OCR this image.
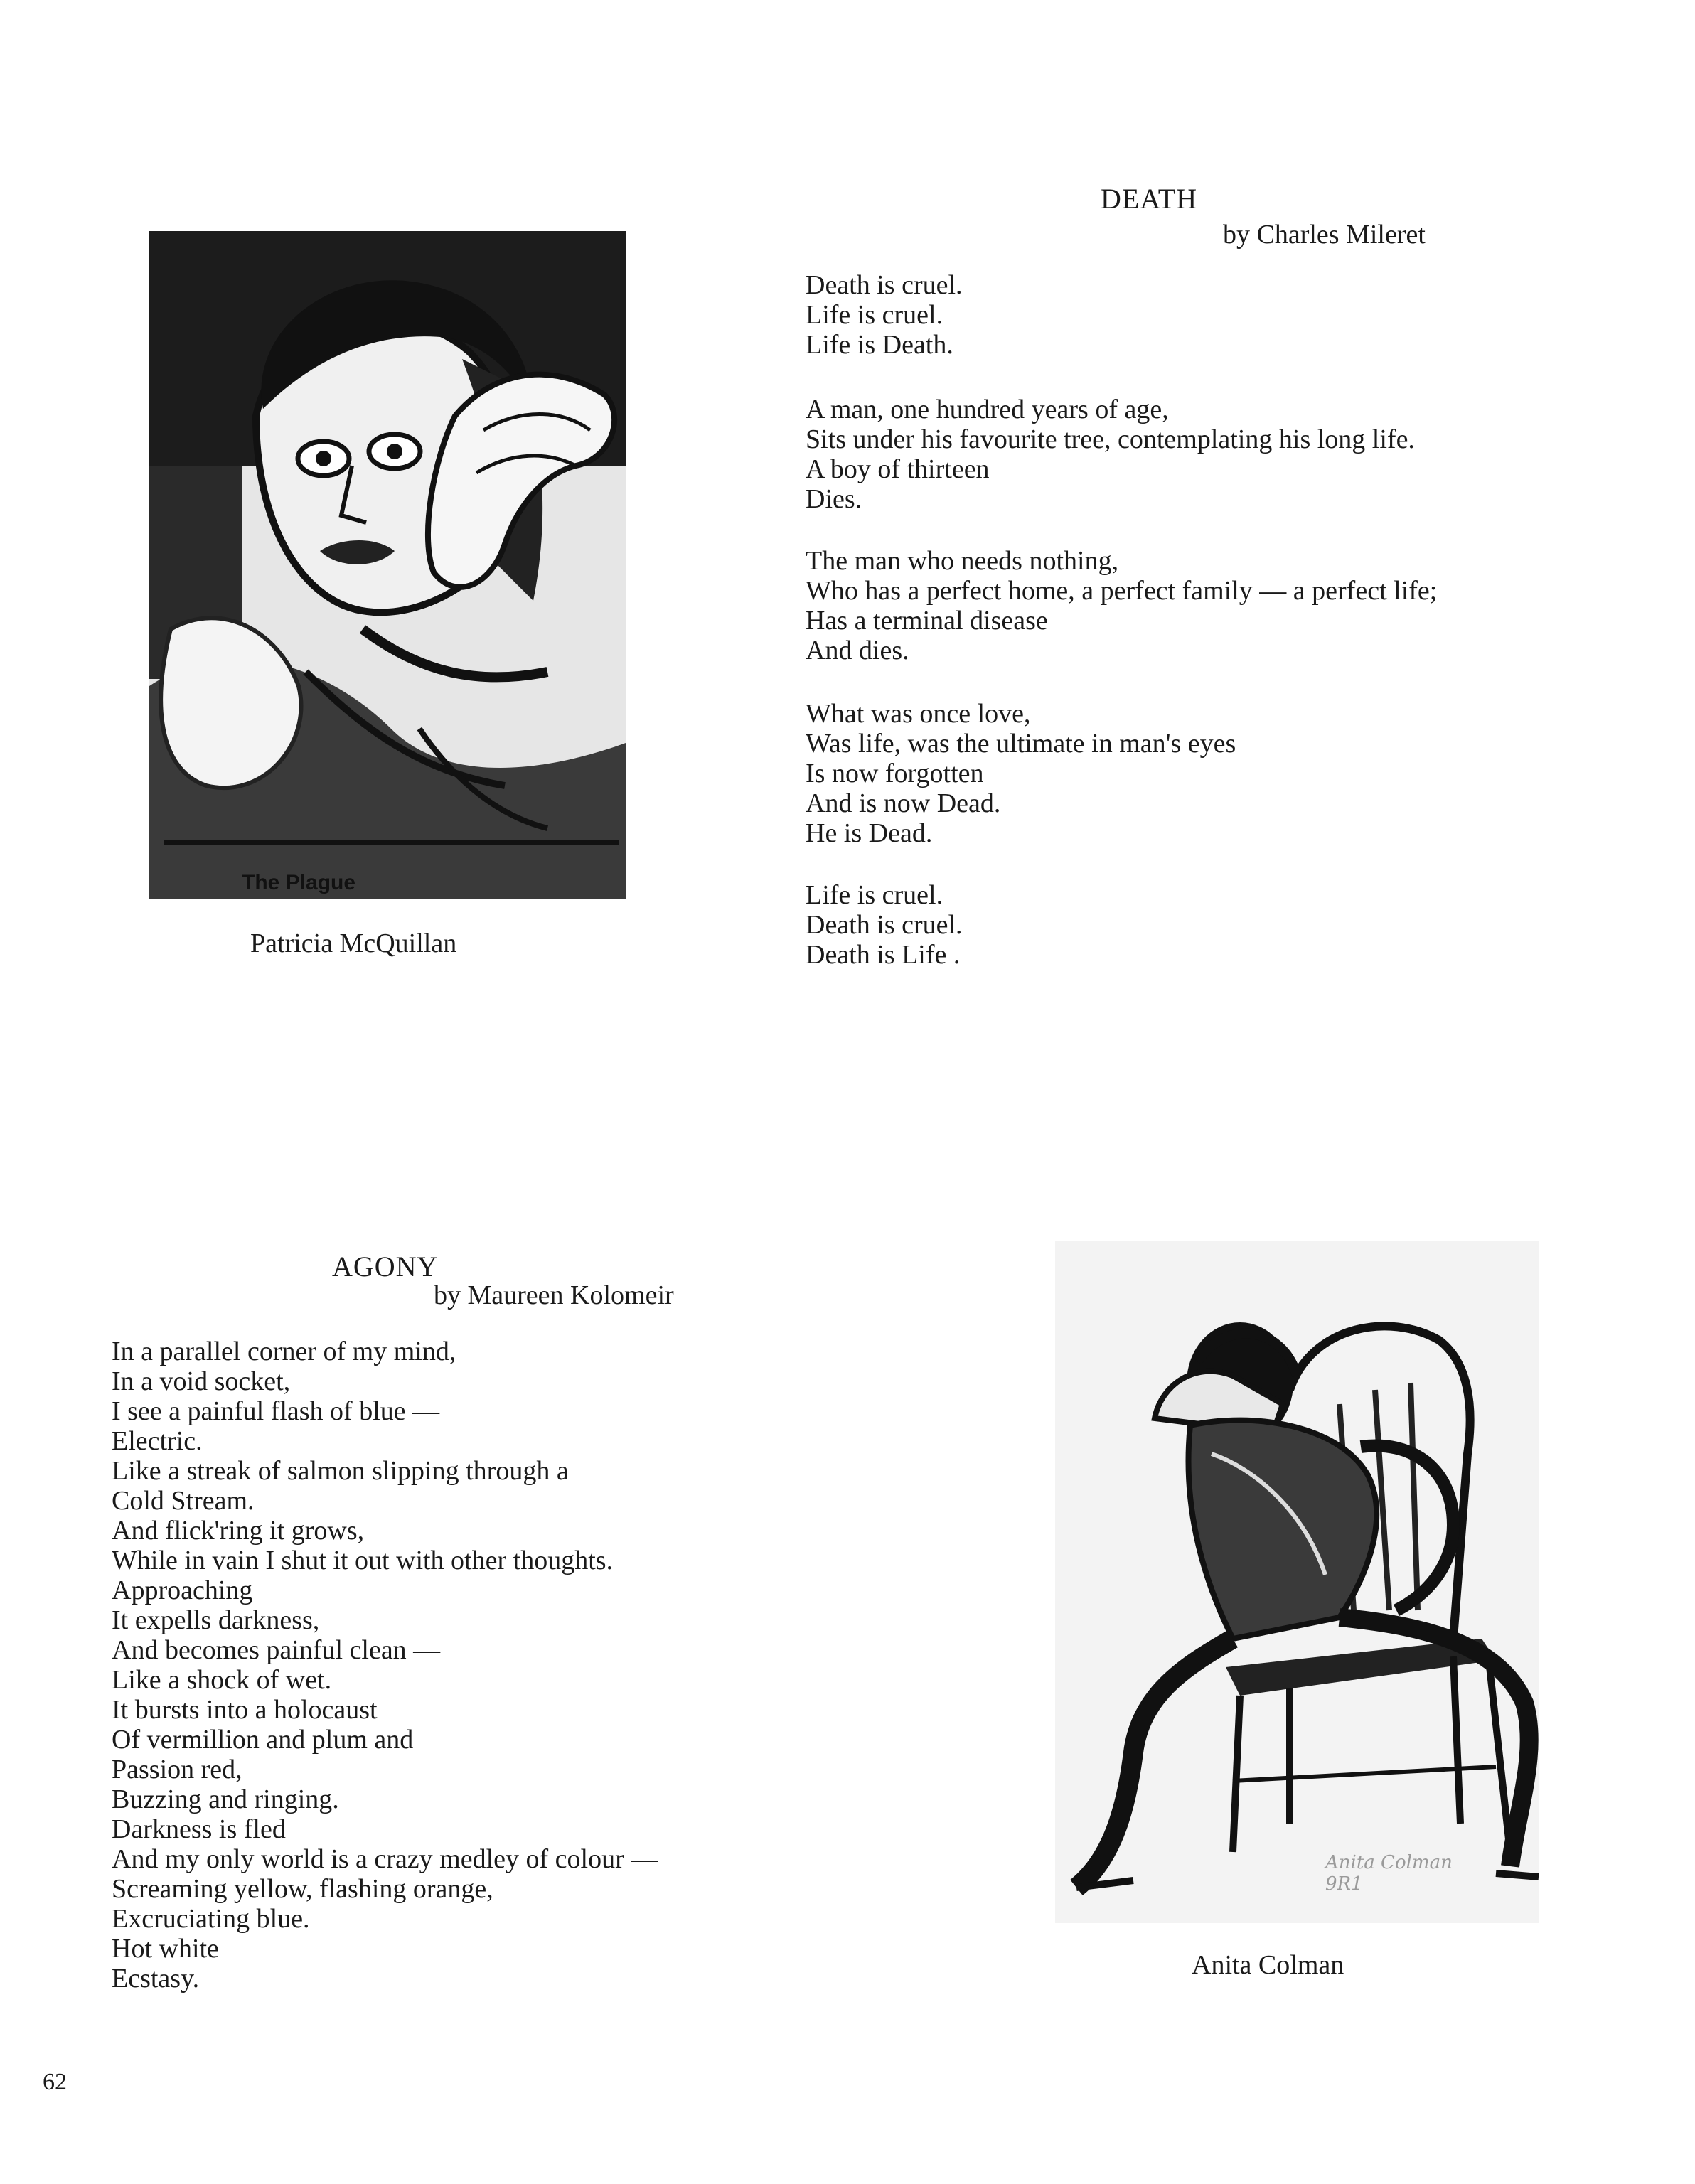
The Plague
Patricia McQuillan
DEATH
by Charles Mileret
Death is cruel.
Life is cruel.
Life is Death.
A man, one hundred years of age,
Sits under his favourite tree, contemplating his long life.
A boy of thirteen
Dies.
The man who needs nothing,
Who has a perfect home, a perfect family — a perfect life;
Has a terminal disease
And dies.
What was once love,
Was life, was the ultimate in man's eyes
Is now forgotten
And is now Dead.
He is Dead.
Life is cruel.
Death is cruel.
Death is Life .
AGONY
by Maureen Kolomeir
In a parallel corner of my mind,
In a void socket,
I see a painful flash of blue —
Electric.
Like a streak of salmon slipping through a
Cold Stream.
And flick'ring it grows,
While in vain I shut it out with other thoughts.
Approaching
It expells darkness,
And becomes painful clean —
Like a shock of wet.
It bursts into a holocaust
Of vermillion and plum and
Passion red,
Buzzing and ringing.
Darkness is fled
And my only world is a crazy medley of colour —
Screaming yellow, flashing orange,
Excruciating blue.
Hot white
Ecstasy.
Anita Colman 9R1
Anita Colman
62
